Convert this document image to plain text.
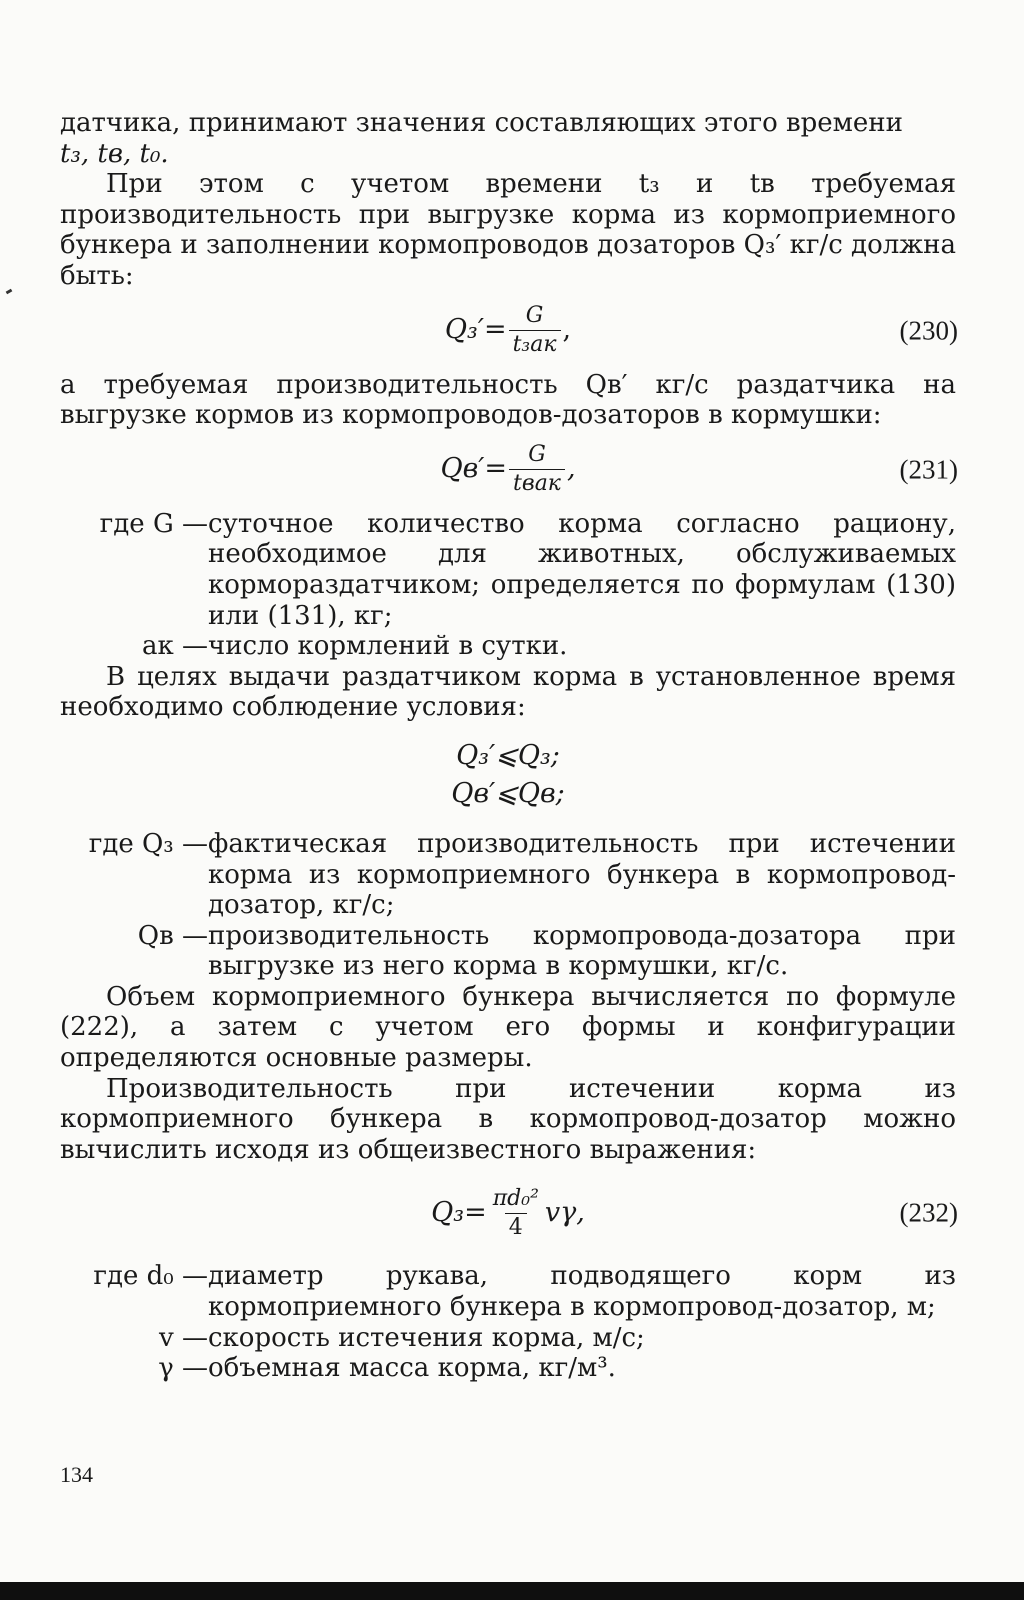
датчика, принимают значения составляющих этого времени
t₃, tв, t₀.

При этом с учетом времени t₃ и tв требуемая производительность при выгрузке корма из кормоприемного бункера и заполнении кормопроводов дозаторов Q₃′ кг/с должна быть:

$Q_3'= \frac{G}{\text{t₃aк}}$ ,	(230)

а требуемая производительность Qв′ кг/с раздатчика на выгрузке кормов из кормопроводов-дозаторов в кормушки:

$Qв'= \frac{G}{\text{tвaк}}$ ,	(231)
где G — суточное количество корма согласно рациону, необходимое для животных, обслуживаемых кормораздатчиком; определяется по формулам (130) или (131), кг;
aк — число кормлений в сутки.

В целях выдачи раздатчиком корма в установленное время необходимо соблюдение условия:

Q₃′⩽Q₃;
Qв′⩽Qв;
где Q₃ — фактическая производительность при истечении корма из кормоприемного бункера в кормопровод-дозатор, кг/с;
Qв — производительность кормопровода-дозатора при выгрузке из него корма в кормушки, кг/с.

Объем кормоприемного бункера вычисляется по формуле (222), а затем с учетом его формы и конфигурации определяются основные размеры.

Производительность при истечении корма из кормоприемного бункера в кормопровод-дозатор можно вычислить исходя из общеизвестного выражения:

$Q_3= \frac{\text{πd₀²}}{4} v\gamma$,	(232)
где d₀ — диаметр рукава, подводящего корм из кормоприемного бункера в кормопровод-дозатор, м;
v — скорость истечения корма, м/с;
γ — объемная масса корма, кг/м³.
134
